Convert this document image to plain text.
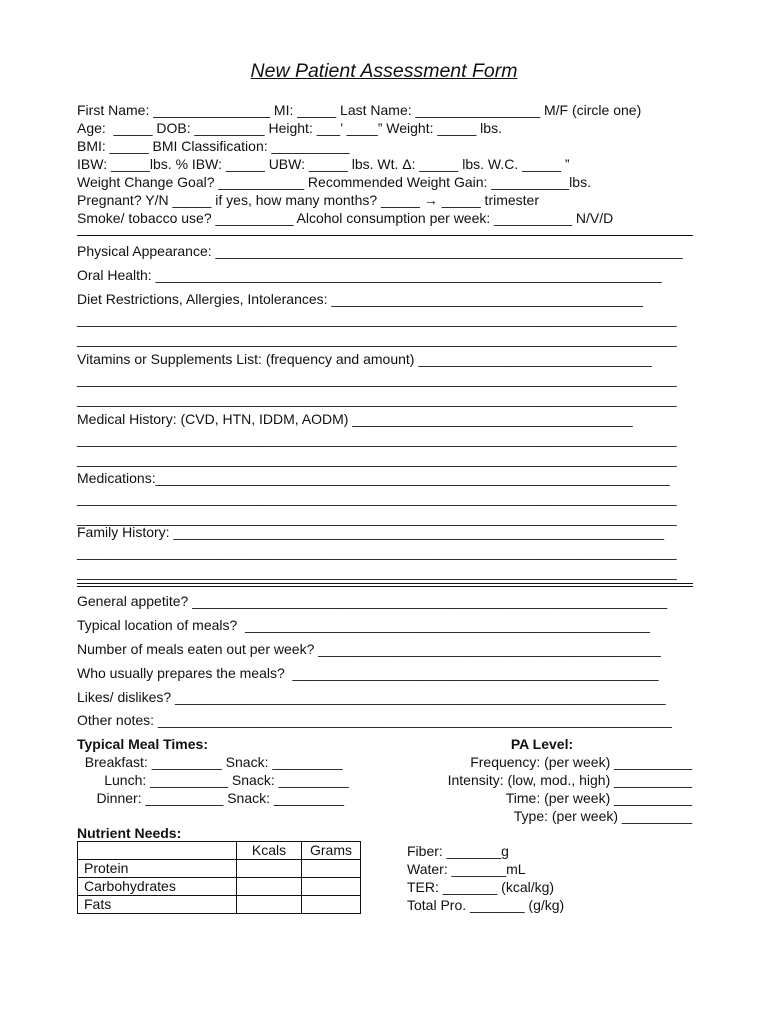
New Patient Assessment Form
First Name: _______________ MI: _____ Last Name: ________________ M/F (circle one)
Age:  _____ DOB: _________ Height: ___’ ____” Weight: _____ lbs.
BMI: _____ BMI Classification: __________
IBW: _____lbs. % IBW: _____ UBW: _____ lbs. Wt. Δ: _____ lbs. W.C. _____ ”
Weight Change Goal? ___________ Recommended Weight Gain: __________lbs.
Pregnant? Y/N _____ if yes, how many months? _____ → _____ trimester
Smoke/ tobacco use? __________ Alcohol consumption per week: __________ N/V/D
Physical Appearance: ____________________________________________________________
Oral Health: _________________________________________________________________
Diet Restrictions, Allergies, Intolerances: ________________________________________
_____________________________________________________________________________
_____________________________________________________________________________
Vitamins or Supplements List: (frequency and amount) ______________________________
_____________________________________________________________________________
_____________________________________________________________________________
Medical History: (CVD, HTN, IDDM, AODM) ____________________________________
_____________________________________________________________________________
_____________________________________________________________________________
Medications:__________________________________________________________________
_____________________________________________________________________________
_____________________________________________________________________________
Family History: _______________________________________________________________
_____________________________________________________________________________
_____________________________________________________________________________
General appetite? _____________________________________________________________
Typical location of meals?  ____________________________________________________
Number of meals eaten out per week? ____________________________________________
Who usually prepares the meals?  _______________________________________________
Likes/ dislikes? _______________________________________________________________
Other notes: __________________________________________________________________
Typical Meal Times:
Breakfast: _________ Snack: _________
Lunch: __________ Snack: _________
Dinner: __________ Snack: _________
PA Level:
Frequency: (per week) __________
Intensity: (low, mod., high) __________
Time: (per week) __________
Type: (per week) _________
Nutrient Needs:
	Kcals	Grams
Protein		
Carbohydrates		
Fats		
Fiber: _______g
Water: _______mL
TER: _______ (kcal/kg)
Total Pro. _______ (g/kg)
